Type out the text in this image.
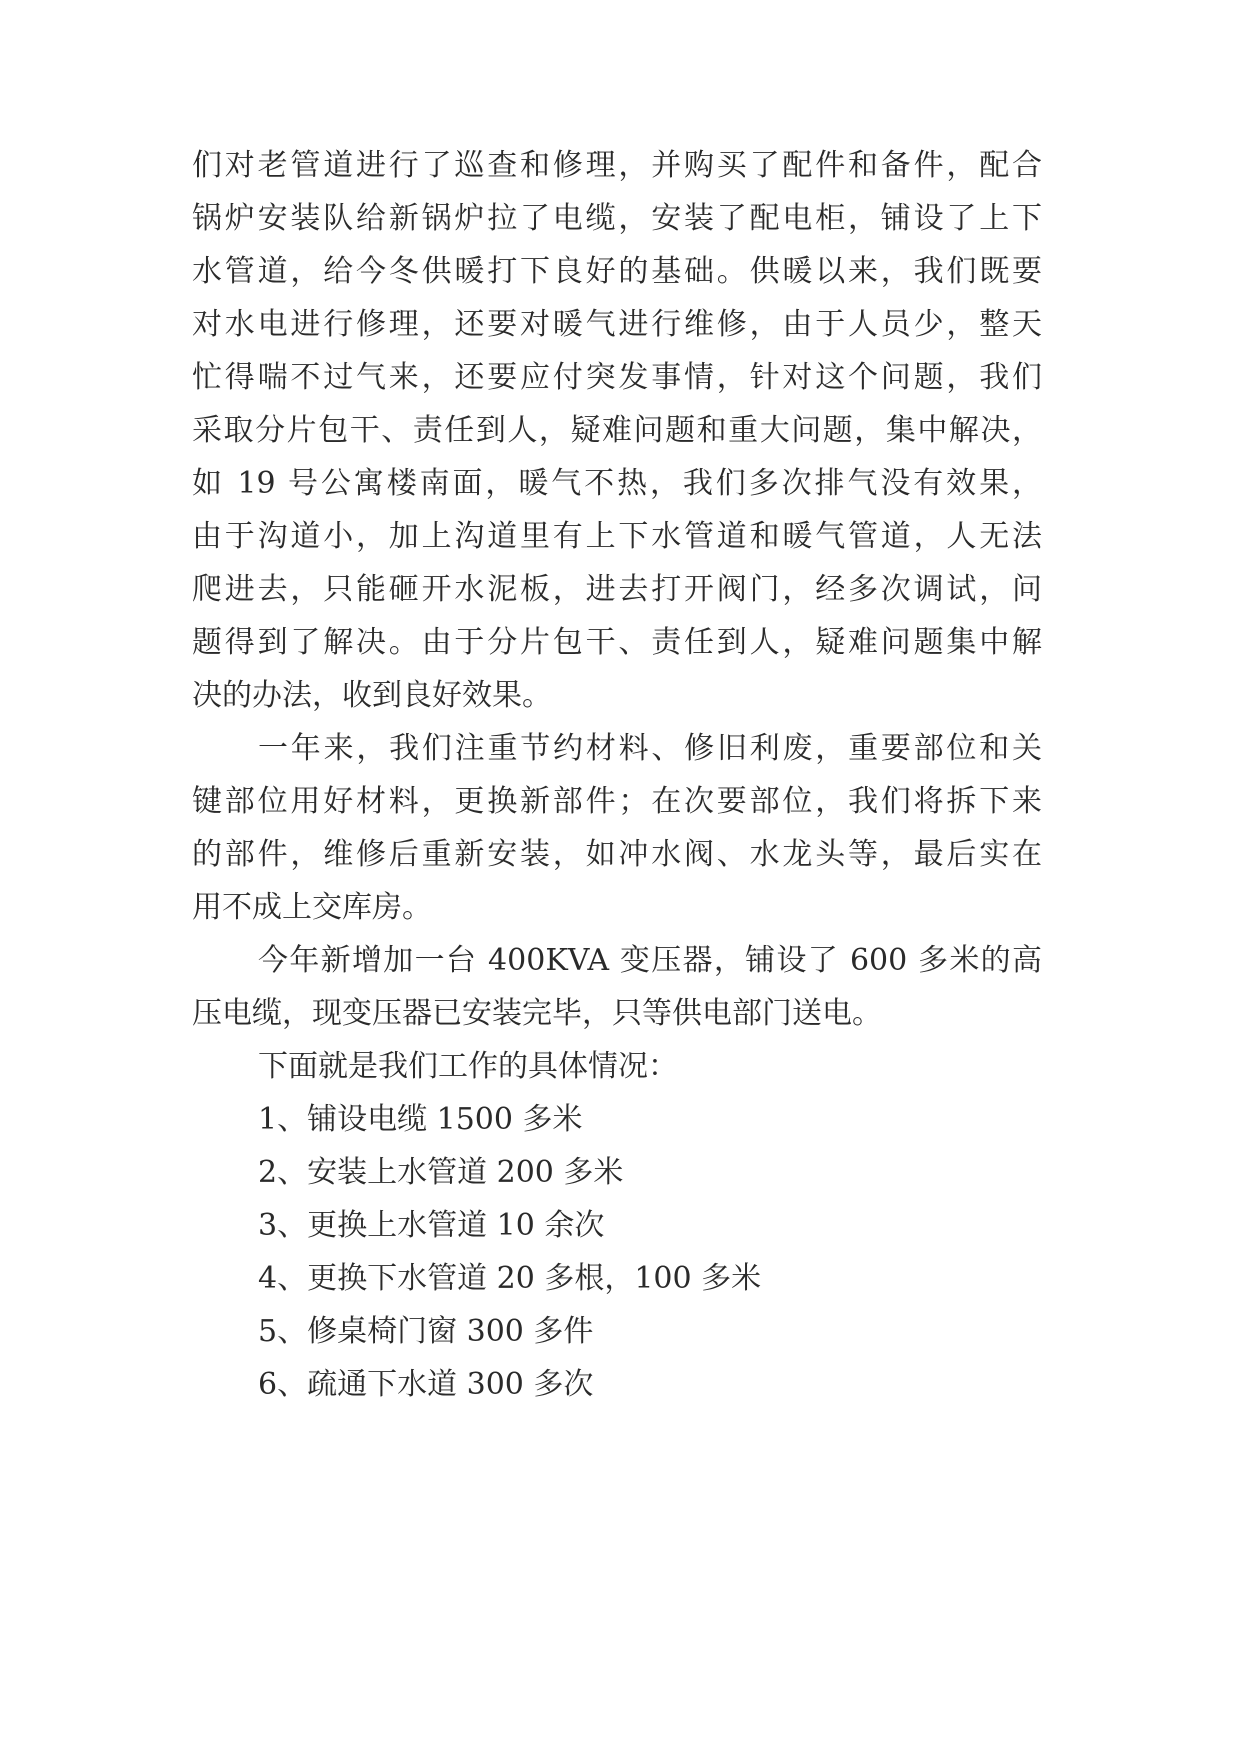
们对老管道进行了巡查和修理，并购买了配件和备件，配合
锅炉安装队给新锅炉拉了电缆，安装了配电柜，铺设了上下
水管道，给今冬供暖打下良好的基础。供暖以来，我们既要
对水电进行修理，还要对暖气进行维修，由于人员少，整天
忙得喘不过气来，还要应付突发事情，针对这个问题，我们
采取分片包干、责任到人，疑难问题和重大问题，集中解决，
如 19 号公寓楼南面，暖气不热，我们多次排气没有效果，
由于沟道小，加上沟道里有上下水管道和暖气管道，人无法
爬进去，只能砸开水泥板，进去打开阀门，经多次调试，问
题得到了解决。由于分片包干、责任到人，疑难问题集中解
决的办法，收到良好效果。
一年来，我们注重节约材料、修旧利废，重要部位和关
键部位用好材料，更换新部件；在次要部位，我们将拆下来
的部件，维修后重新安装，如冲水阀、水龙头等，最后实在
用不成上交库房。
今年新增加一台 400KVA 变压器，铺设了 600 多米的高
压电缆，现变压器已安装完毕，只等供电部门送电。
下面就是我们工作的具体情况：
1、铺设电缆 1500 多米
2、安装上水管道 200 多米
3、更换上水管道 10 余次
4、更换下水管道 20 多根，100 多米
5、修桌椅门窗 300 多件
6、疏通下水道 300 多次
